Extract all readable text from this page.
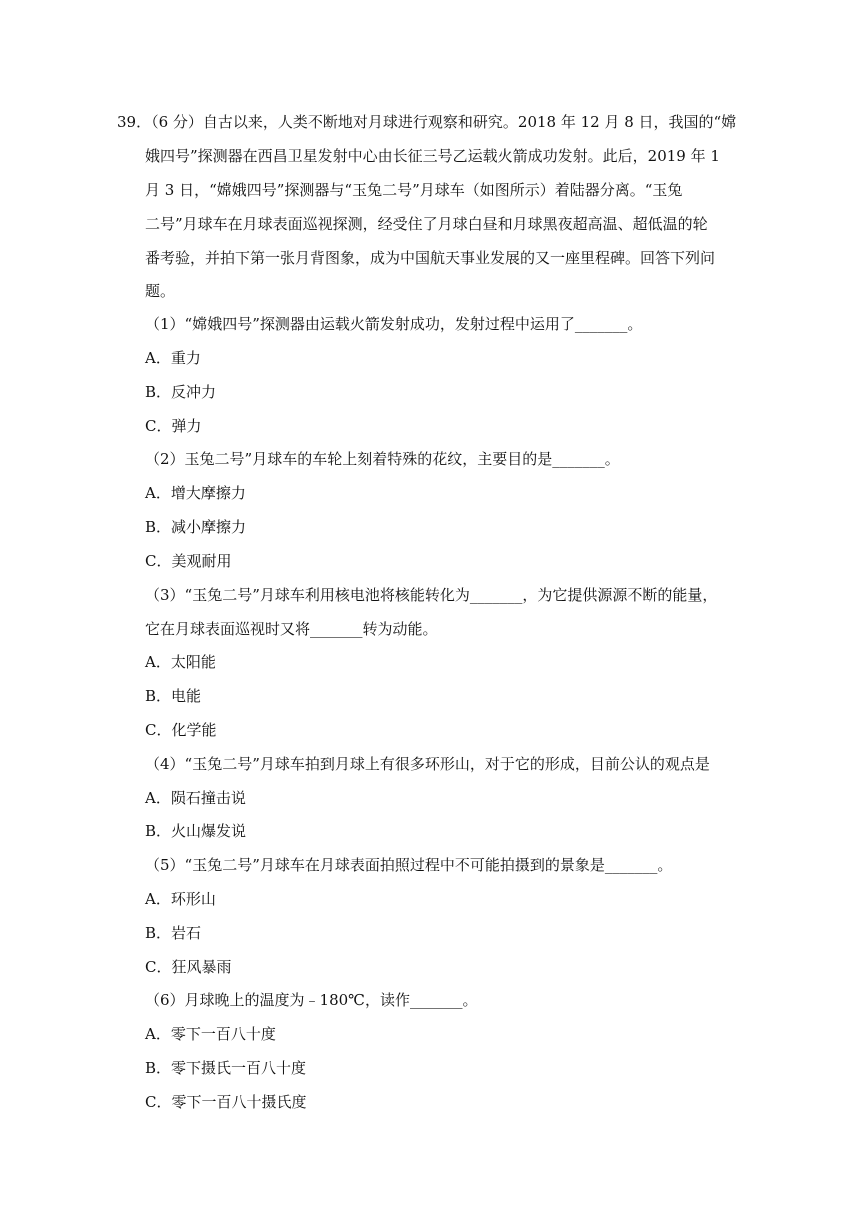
39．（6 分）自古以来，人类不断地对月球进行观察和研究。2018 年 12 月 8 日，我国的“嫦
娥四号”探测器在西昌卫星发射中心由长征三号乙运载火箭成功发射。此后，2019 年 1
月 3 日，“嫦娥四号”探测器与“玉兔二号”月球车（如图所示）着陆器分离。“玉兔
二号”月球车在月球表面巡视探测，经受住了月球白昼和月球黑夜超高温、超低温的轮
番考验，并拍下第一张月背图象，成为中国航天事业发展的又一座里程碑。回答下列问
题。
（1）“嫦娥四号”探测器由运载火箭发射成功，发射过程中运用了_______。
A．重力
B．反冲力
C．弹力
（2）玉兔二号”月球车的车轮上刻着特殊的花纹，主要目的是_______。
A．增大摩擦力
B．减小摩擦力
C．美观耐用
（3）“玉兔二号”月球车利用核电池将核能转化为_______，为它提供源源不断的能量，
它在月球表面巡视时又将_______转为动能。
A．太阳能
B．电能
C．化学能
（4）“玉兔二号”月球车拍到月球上有很多环形山，对于它的形成，目前公认的观点是
A．陨石撞击说
B．火山爆发说
（5）“玉兔二号”月球车在月球表面拍照过程中不可能拍摄到的景象是_______。
A．环形山
B．岩石
C．狂风暴雨
（6）月球晚上的温度为﹣180℃，读作_______。
A．零下一百八十度
B．零下摄氏一百八十度
C．零下一百八十摄氏度
